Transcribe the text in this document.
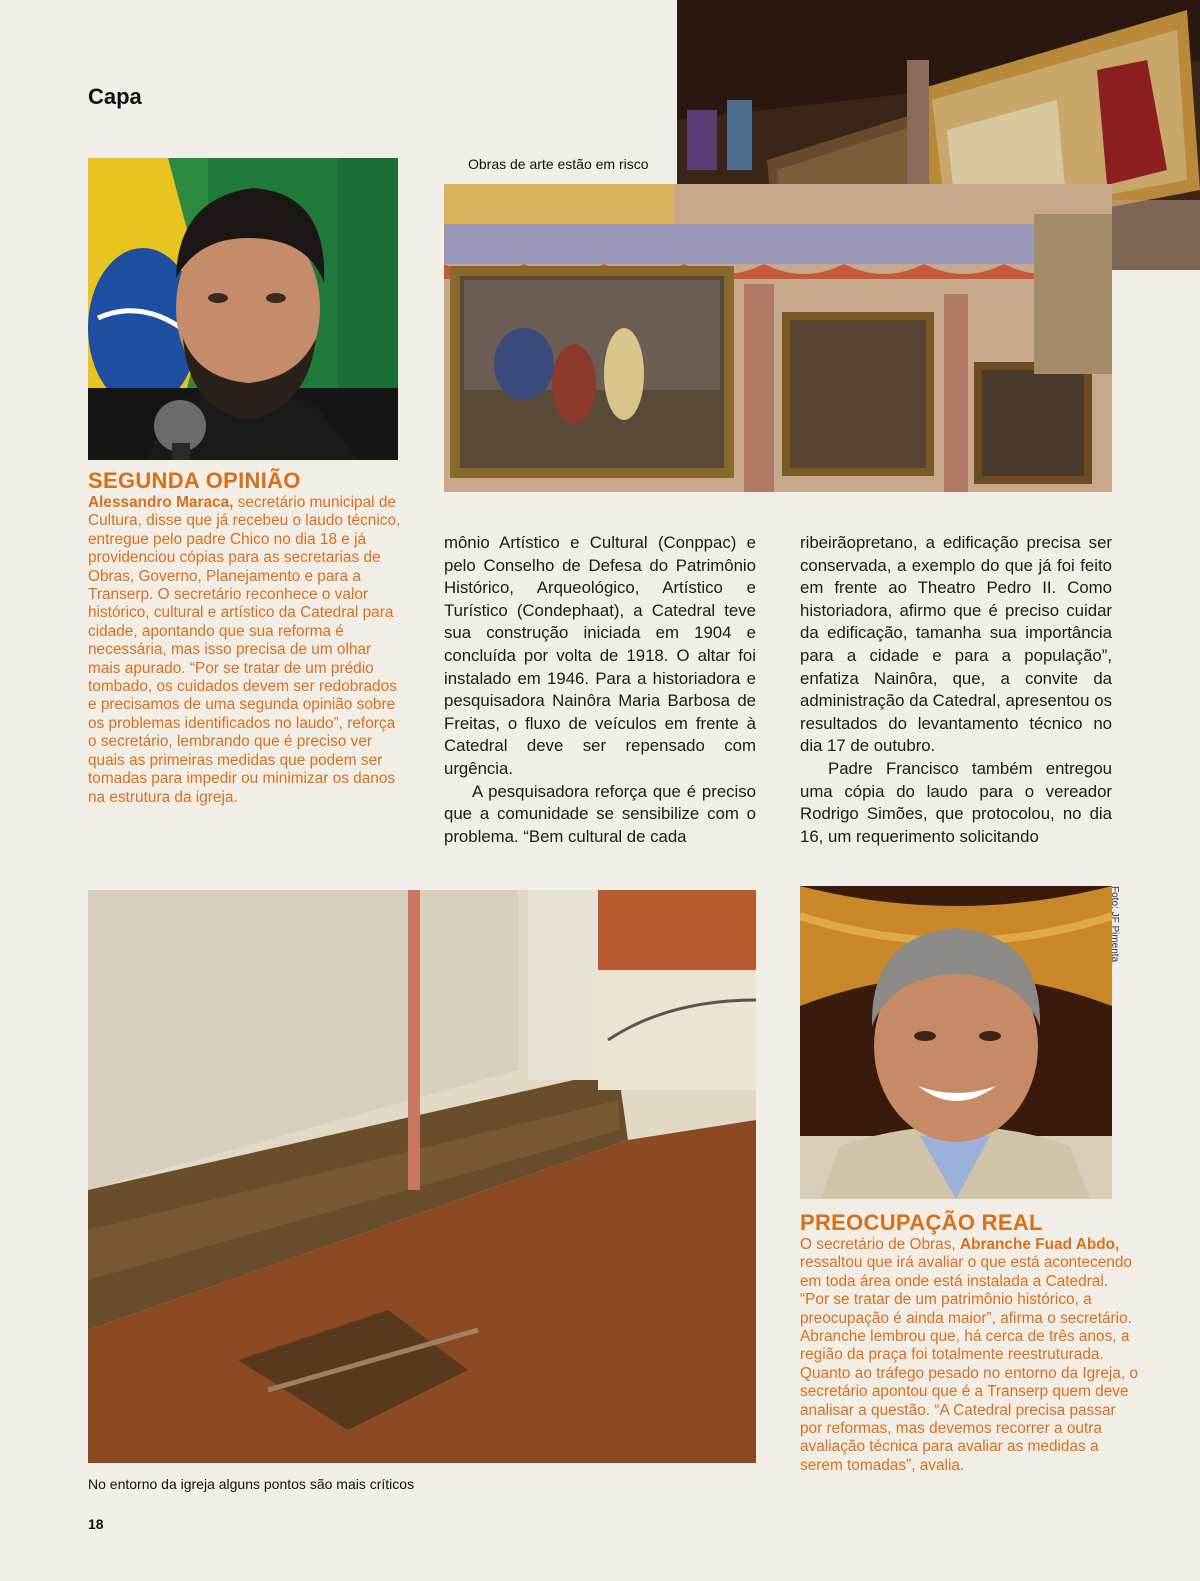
Capa
SEGUNDA OPINIÃO
Alessandro Maraca, secretário municipal de Cultura, disse que já recebeu o laudo técnico, entregue pelo padre Chico no dia 18 e já providenciou cópias para as secretarias de Obras, Governo, Planejamento e para a Transerp. O secretário reconhece o valor histórico, cultural e artístico da Catedral para cidade, apontando que sua reforma é necessária, mas isso precisa de um olhar mais apurado. “Por se tratar de um prédio tombado, os cuidados devem ser redobrados e precisamos de uma segunda opinião sobre os problemas identificados no laudo”, reforça o secretário, lembrando que é preciso ver quais as primeiras medidas que podem ser tomadas para impedir ou minimizar os danos na estrutura da igreja.
Obras de arte estão em risco

mônio Artístico e Cultural (Conppac) e pelo Conselho de Defesa do Patrimônio Histórico, Arqueológico, Artístico e Turístico (Condephaat), a Catedral teve sua construção iniciada em 1904 e concluída por volta de 1918. O altar foi instalado em 1946. Para a historiadora e pesquisadora Nainôra Maria Barbosa de Freitas, o fluxo de veículos em frente à Catedral deve ser repensado com urgência.

A pesquisadora reforça que é preciso que a comunidade se sensibilize com o problema. “Bem cultural de cada

ribeirãopretano, a edificação precisa ser conservada, a exemplo do que já foi feito em frente ao Theatro Pedro II. Como historiadora, afirmo que é preciso cuidar da edificação, tamanha sua importância para a cidade e para a população”, enfatiza Nainôra, que, a convite da administração da Catedral, apresentou os resultados do levantamento técnico no dia 17 de outubro.

Padre Francisco também entregou uma cópia do laudo para o vereador Rodrigo Simões, que protocolou, no dia 16, um requerimento solicitando

No entorno da igreja alguns pontos são mais críticos
Foto: JF Pimenta
PREOCUPAÇÃO REAL
O secretário de Obras, Abranche Fuad Abdo, ressaltou que irá avaliar o que está acontecendo em toda área onde está instalada a Catedral. “Por se tratar de um patrimônio histórico, a preocupação é ainda maior”, afirma o secretário. Abranche lembrou que, há cerca de três anos, a região da praça foi totalmente reestruturada. Quanto ao tráfego pesado no entorno da Igreja, o secretário apontou que é a Transerp quem deve analisar a questão. “A Catedral precisa passar por reformas, mas devemos recorrer a outra avaliação técnica para avaliar as medidas a serem tomadas”, avalia.
18
